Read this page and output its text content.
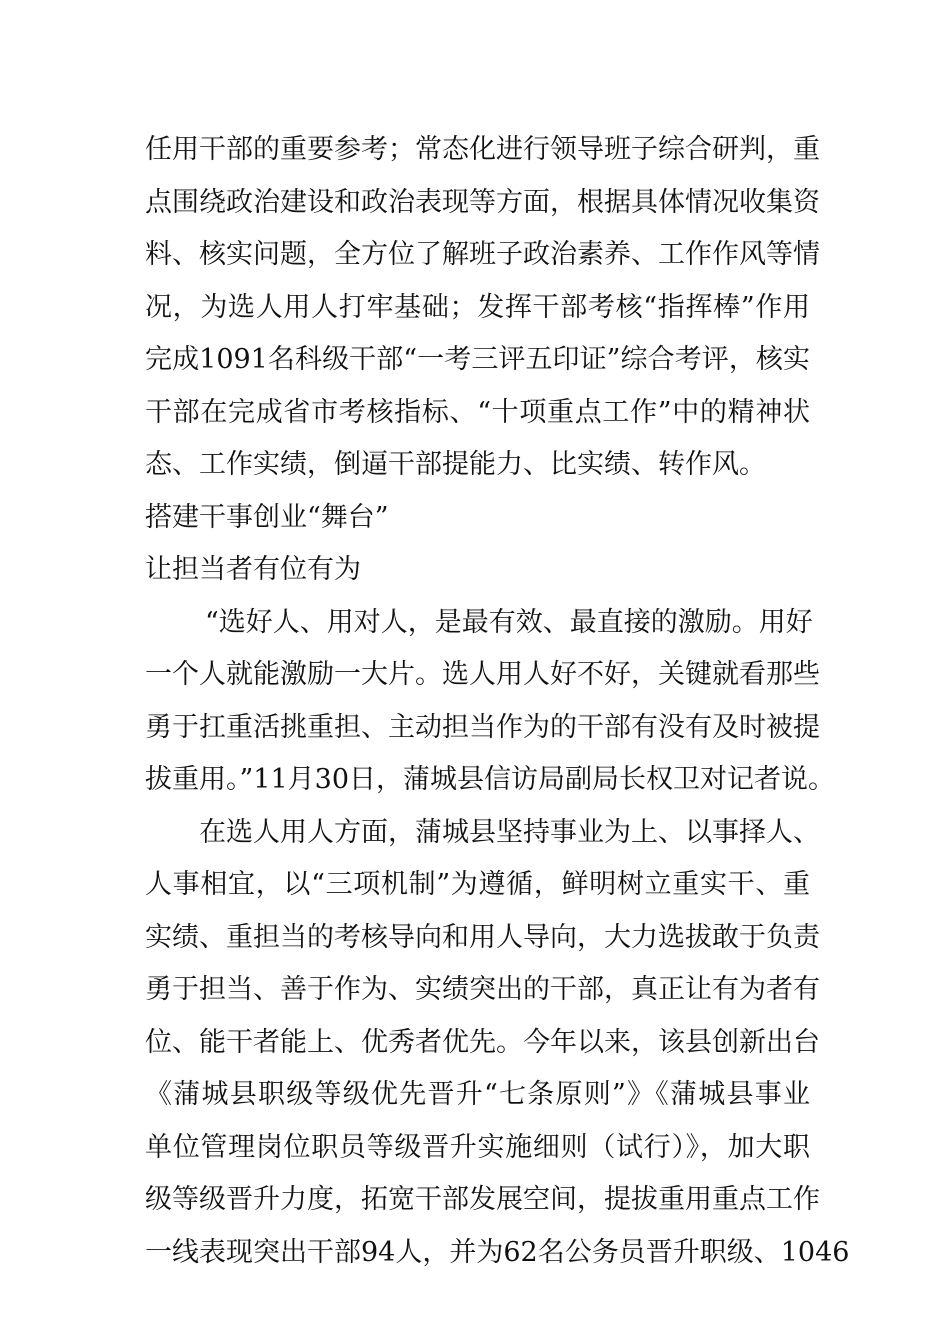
任用干部的重要参考；常态化进行领导班子综合研判，重
点围绕政治建设和政治表现等方面，根据具体情况收集资
料、核实问题，全方位了解班子政治素养、工作作风等情
况，为选人用人打牢基础；发挥干部考核“指挥棒”作用
完成1091名科级干部“一考三评五印证”综合考评，核实
干部在完成省市考核指标、“十项重点工作”中的精神状
态、工作实绩，倒逼干部提能力、比实绩、转作风。
搭建干事创业“舞台”
让担当者有位有为
“选好人、用对人，是最有效、最直接的激励。用好
一个人就能激励一大片。选人用人好不好，关键就看那些
勇于扛重活挑重担、主动担当作为的干部有没有及时被提
拔重用。”11月30日，蒲城县信访局副局长权卫对记者说。
在选人用人方面，蒲城县坚持事业为上、以事择人、
人事相宜，以“三项机制”为遵循，鲜明树立重实干、重
实绩、重担当的考核导向和用人导向，大力选拔敢于负责
勇于担当、善于作为、实绩突出的干部，真正让有为者有
位、能干者能上、优秀者优先。今年以来，该县创新出台
《蒲城县职级等级优先晋升“七条原则”》《蒲城县事业
单位管理岗位职员等级晋升实施细则（试行）》，加大职
级等级晋升力度，拓宽干部发展空间，提拔重用重点工作
一线表现突出干部94人，并为62名公务员晋升职级、1046
